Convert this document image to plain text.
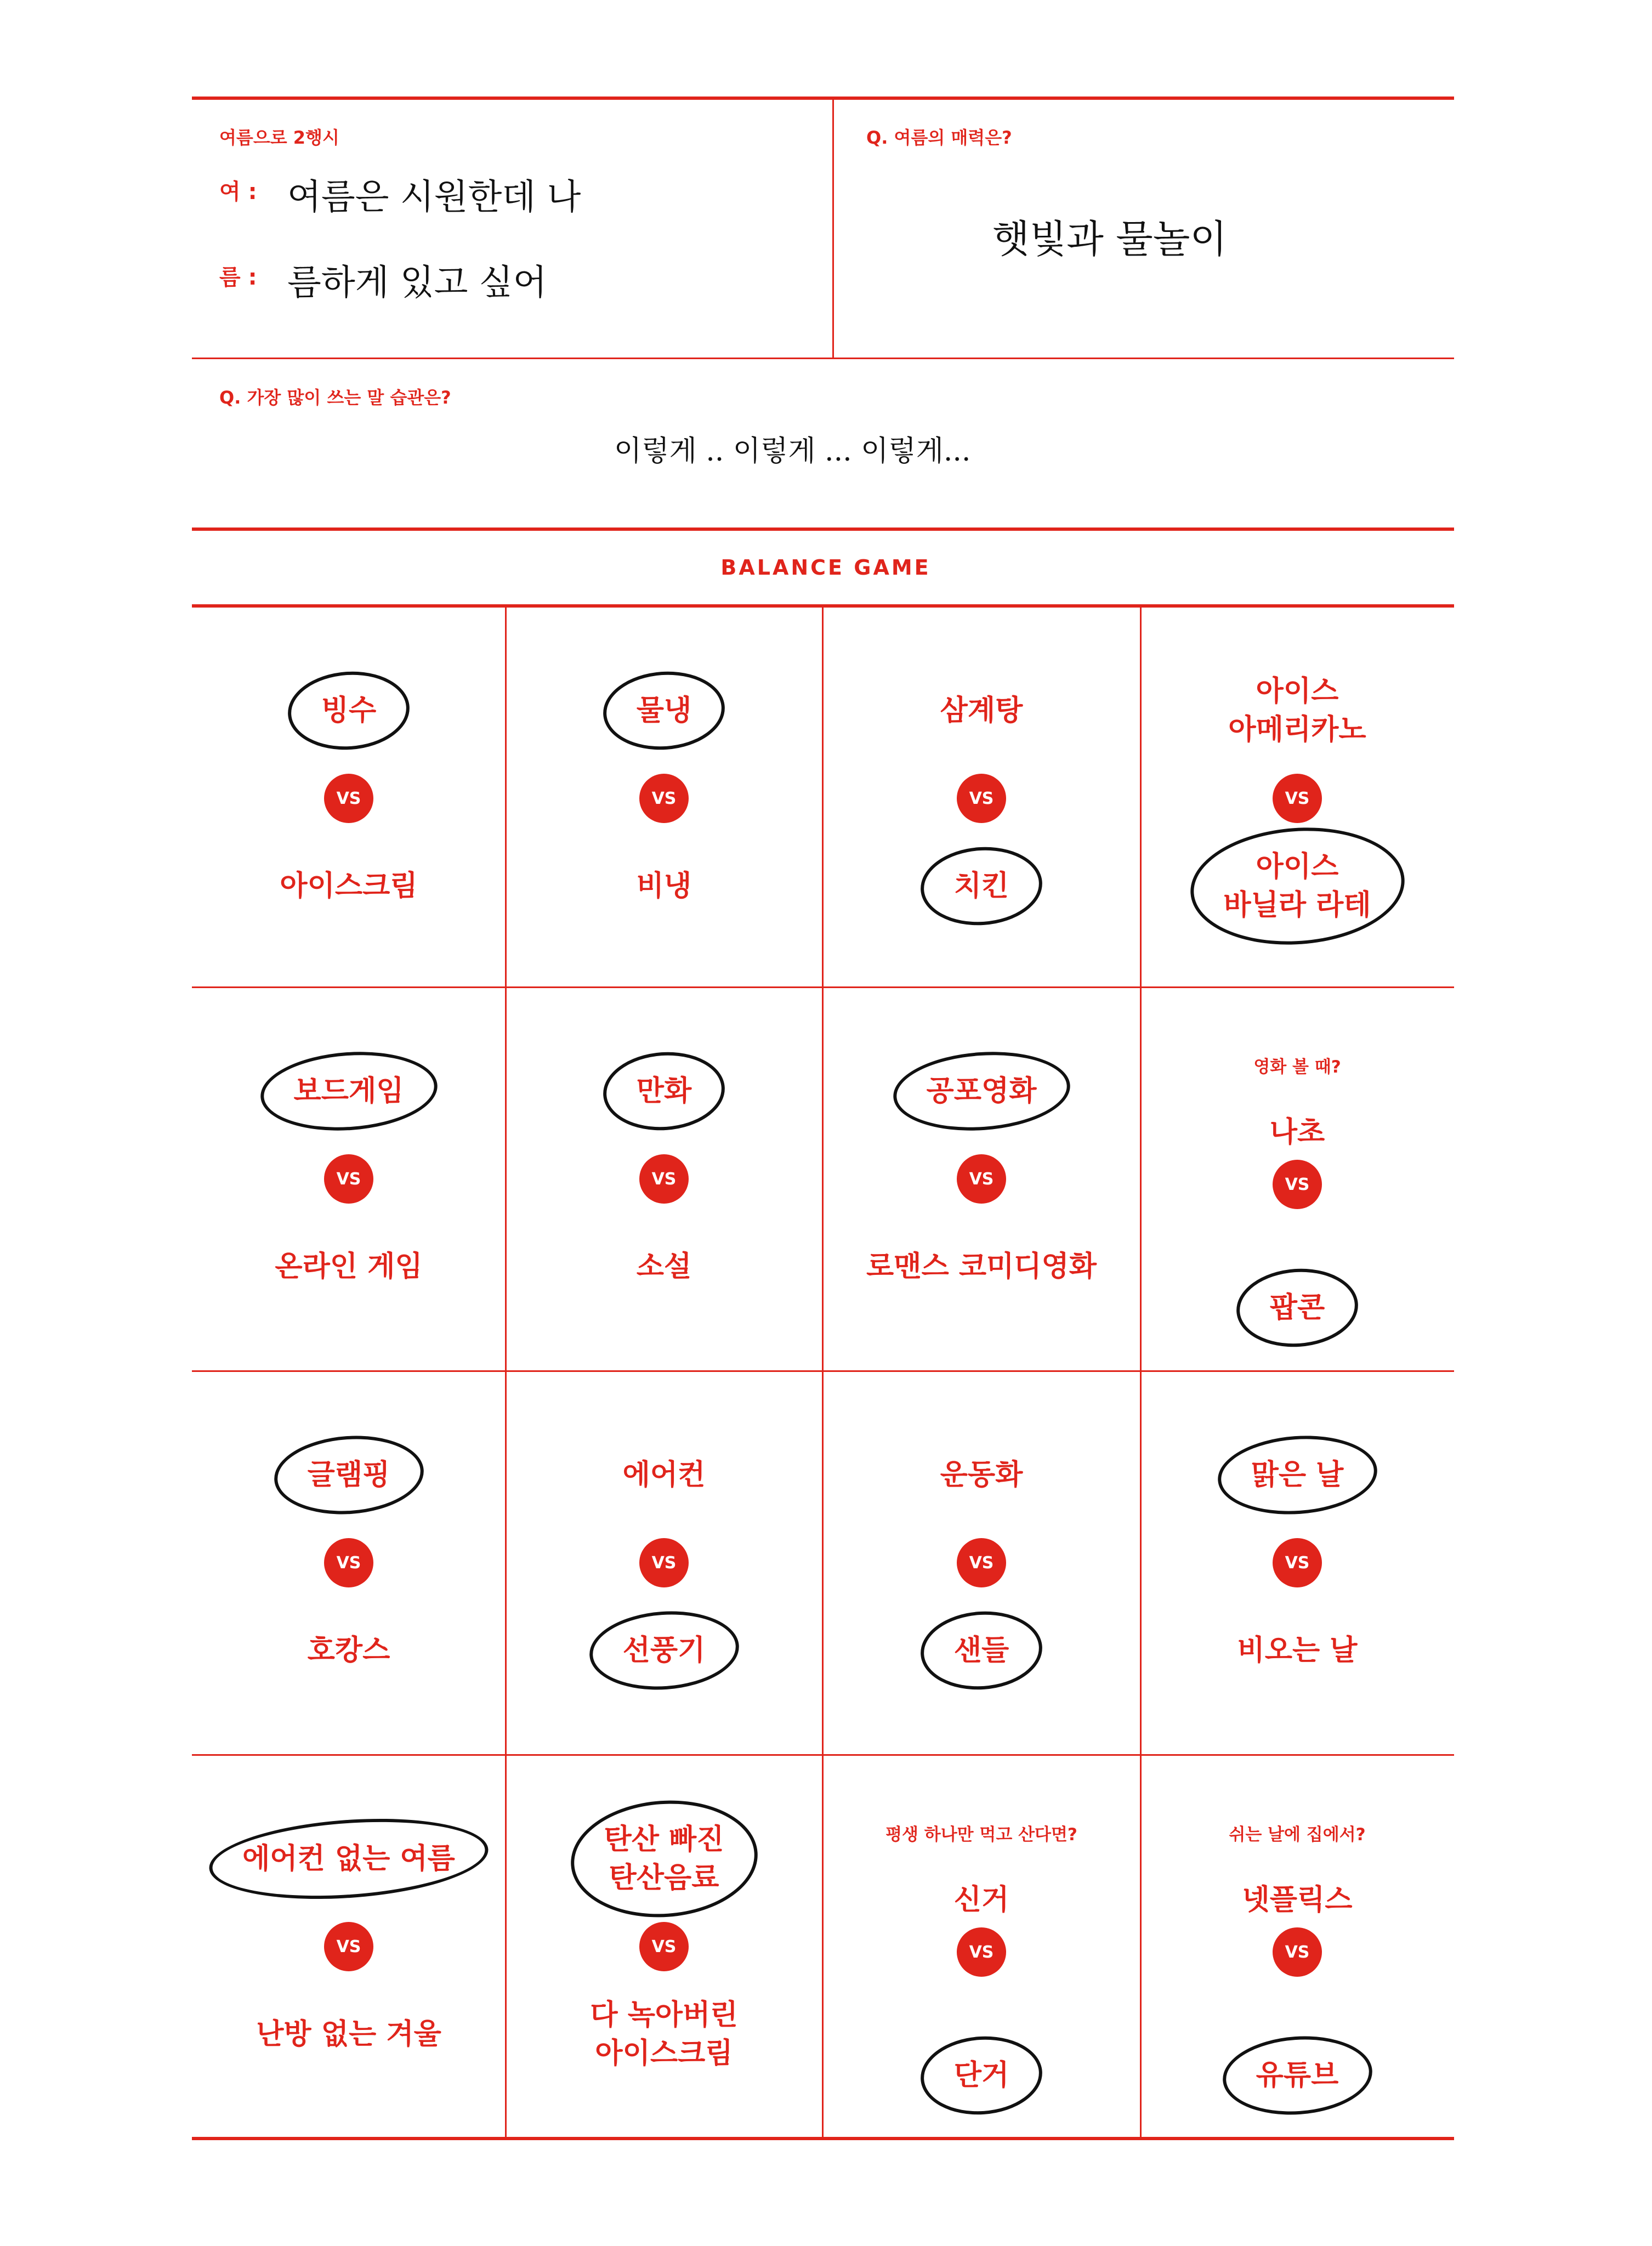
여름으로 2행시
여 : 여름은 시원한데 나
름 : 름하게 있고 싶어
Q. 여름의 매력은?
햇빛과 물놀이
Q. 가장 많이 쓰는 말 습관은?
이렇게 .. 이렇게 ... 이렇게...
BALANCE GAME
빙수
VS
아이스크림
물냉
VS
비냉
삼계탕
VS
치킨
아이스
아메리카노
VS
아이스
바닐라 라테
보드게임
VS
온라인 게임
만화
VS
소설
공포영화
VS
로맨스 코미디영화
영화 볼 때?
나초
VS
팝콘
글램핑
VS
호캉스
에어컨
VS
선풍기
운동화
VS
샌들
맑은 날
VS
비오는 날
에어컨 없는 여름
VS
난방 없는 겨울
탄산 빠진
탄산음료
VS
다 녹아버린
아이스크림
평생 하나만 먹고 산다면?
신거
VS
단거
쉬는 날에 집에서?
넷플릭스
VS
유튜브
